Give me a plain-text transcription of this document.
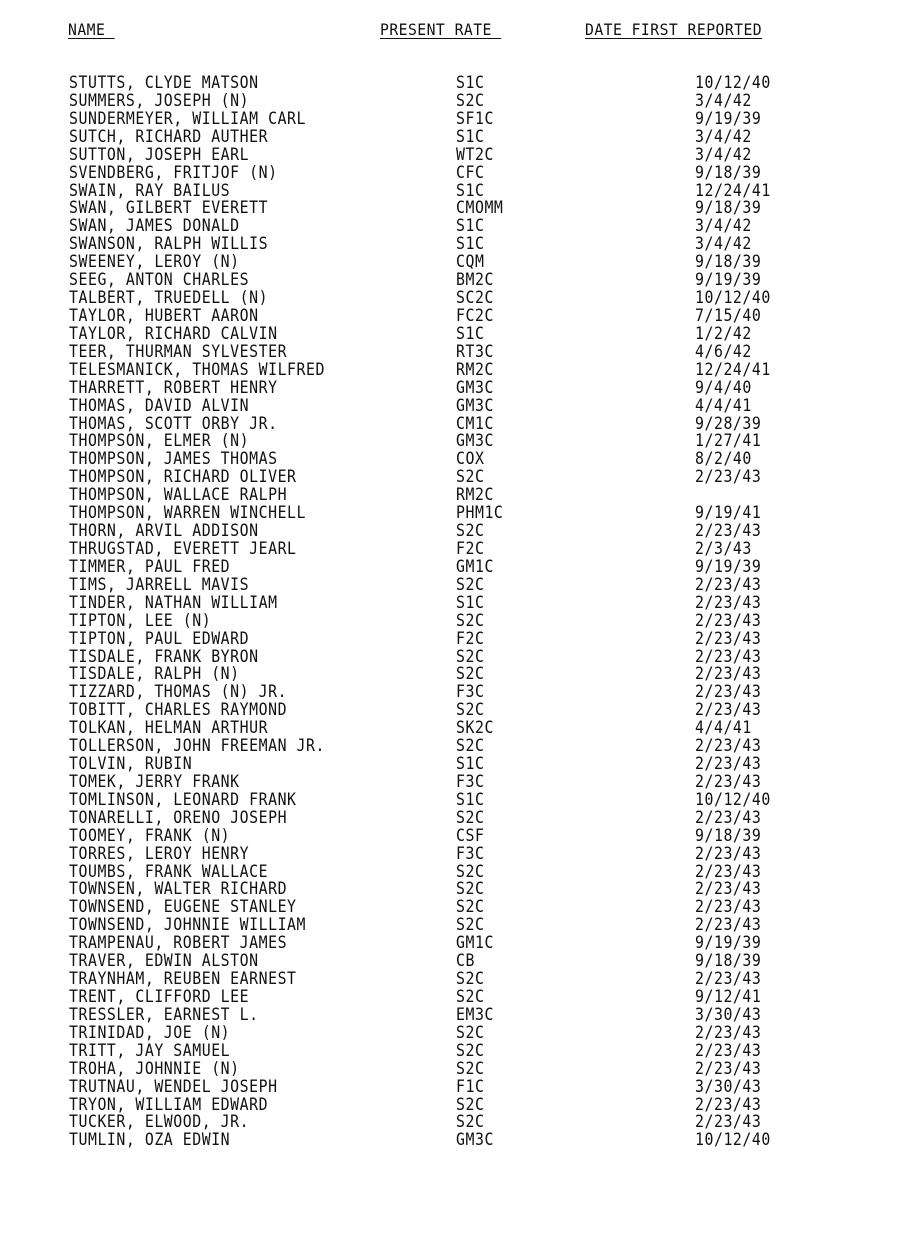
NAME	PRESENT RATE	DATE FIRST REPORTED
STUTTS, CLYDE MATSON	S1C	10/12/40
SUMMERS, JOSEPH (N)	S2C	3/4/42
SUNDERMEYER, WILLIAM CARL	SF1C	9/19/39
SUTCH, RICHARD AUTHER	S1C	3/4/42
SUTTON, JOSEPH EARL	WT2C	3/4/42
SVENDBERG, FRITJOF (N)	CFC	9/18/39
SWAIN, RAY BAILUS	S1C	12/24/41
SWAN, GILBERT EVERETT	CMOMM	9/18/39
SWAN, JAMES DONALD	S1C	3/4/42
SWANSON, RALPH WILLIS	S1C	3/4/42
SWEENEY, LEROY (N)	CQM	9/18/39
SEEG, ANTON CHARLES	BM2C	9/19/39
TALBERT, TRUEDELL (N)	SC2C	10/12/40
TAYLOR, HUBERT AARON	FC2C	7/15/40
TAYLOR, RICHARD CALVIN	S1C	1/2/42
TEER, THURMAN SYLVESTER	RT3C	4/6/42
TELESMANICK, THOMAS WILFRED	RM2C	12/24/41
THARRETT, ROBERT HENRY	GM3C	9/4/40
THOMAS, DAVID ALVIN	GM3C	4/4/41
THOMAS, SCOTT ORBY JR.	CM1C	9/28/39
THOMPSON, ELMER (N)	GM3C	1/27/41
THOMPSON, JAMES THOMAS	COX	8/2/40
THOMPSON, RICHARD OLIVER	S2C	2/23/43
THOMPSON, WALLACE RALPH	RM2C
THOMPSON, WARREN WINCHELL	PHM1C	9/19/41
THORN, ARVIL ADDISON	S2C	2/23/43
THRUGSTAD, EVERETT JEARL	F2C	2/3/43
TIMMER, PAUL FRED	GM1C	9/19/39
TIMS, JARRELL MAVIS	S2C	2/23/43
TINDER, NATHAN WILLIAM	S1C	2/23/43
TIPTON, LEE (N)	S2C	2/23/43
TIPTON, PAUL EDWARD	F2C	2/23/43
TISDALE, FRANK BYRON	S2C	2/23/43
TISDALE, RALPH (N)	S2C	2/23/43
TIZZARD, THOMAS (N) JR.	F3C	2/23/43
TOBITT, CHARLES RAYMOND	S2C	2/23/43
TOLKAN, HELMAN ARTHUR	SK2C	4/4/41
TOLLERSON, JOHN FREEMAN JR.	S2C	2/23/43
TOLVIN, RUBIN	S1C	2/23/43
TOMEK, JERRY FRANK	F3C	2/23/43
TOMLINSON, LEONARD FRANK	S1C	10/12/40
TONARELLI, ORENO JOSEPH	S2C	2/23/43
TOOMEY, FRANK (N)	CSF	9/18/39
TORRES, LEROY HENRY	F3C	2/23/43
TOUMBS, FRANK WALLACE	S2C	2/23/43
TOWNSEN, WALTER RICHARD	S2C	2/23/43
TOWNSEND, EUGENE STANLEY	S2C	2/23/43
TOWNSEND, JOHNNIE WILLIAM	S2C	2/23/43
TRAMPENAU, ROBERT JAMES	GM1C	9/19/39
TRAVER, EDWIN ALSTON	CB	9/18/39
TRAYNHAM, REUBEN EARNEST	S2C	2/23/43
TRENT, CLIFFORD LEE	S2C	9/12/41
TRESSLER, EARNEST L.	EM3C	3/30/43
TRINIDAD, JOE (N)	S2C	2/23/43
TRITT, JAY SAMUEL	S2C	2/23/43
TROHA, JOHNNIE (N)	S2C	2/23/43
TRUTNAU, WENDEL JOSEPH	F1C	3/30/43
TRYON, WILLIAM EDWARD	S2C	2/23/43
TUCKER, ELWOOD, JR.	S2C	2/23/43
TUMLIN, OZA EDWIN	GM3C	10/12/40
